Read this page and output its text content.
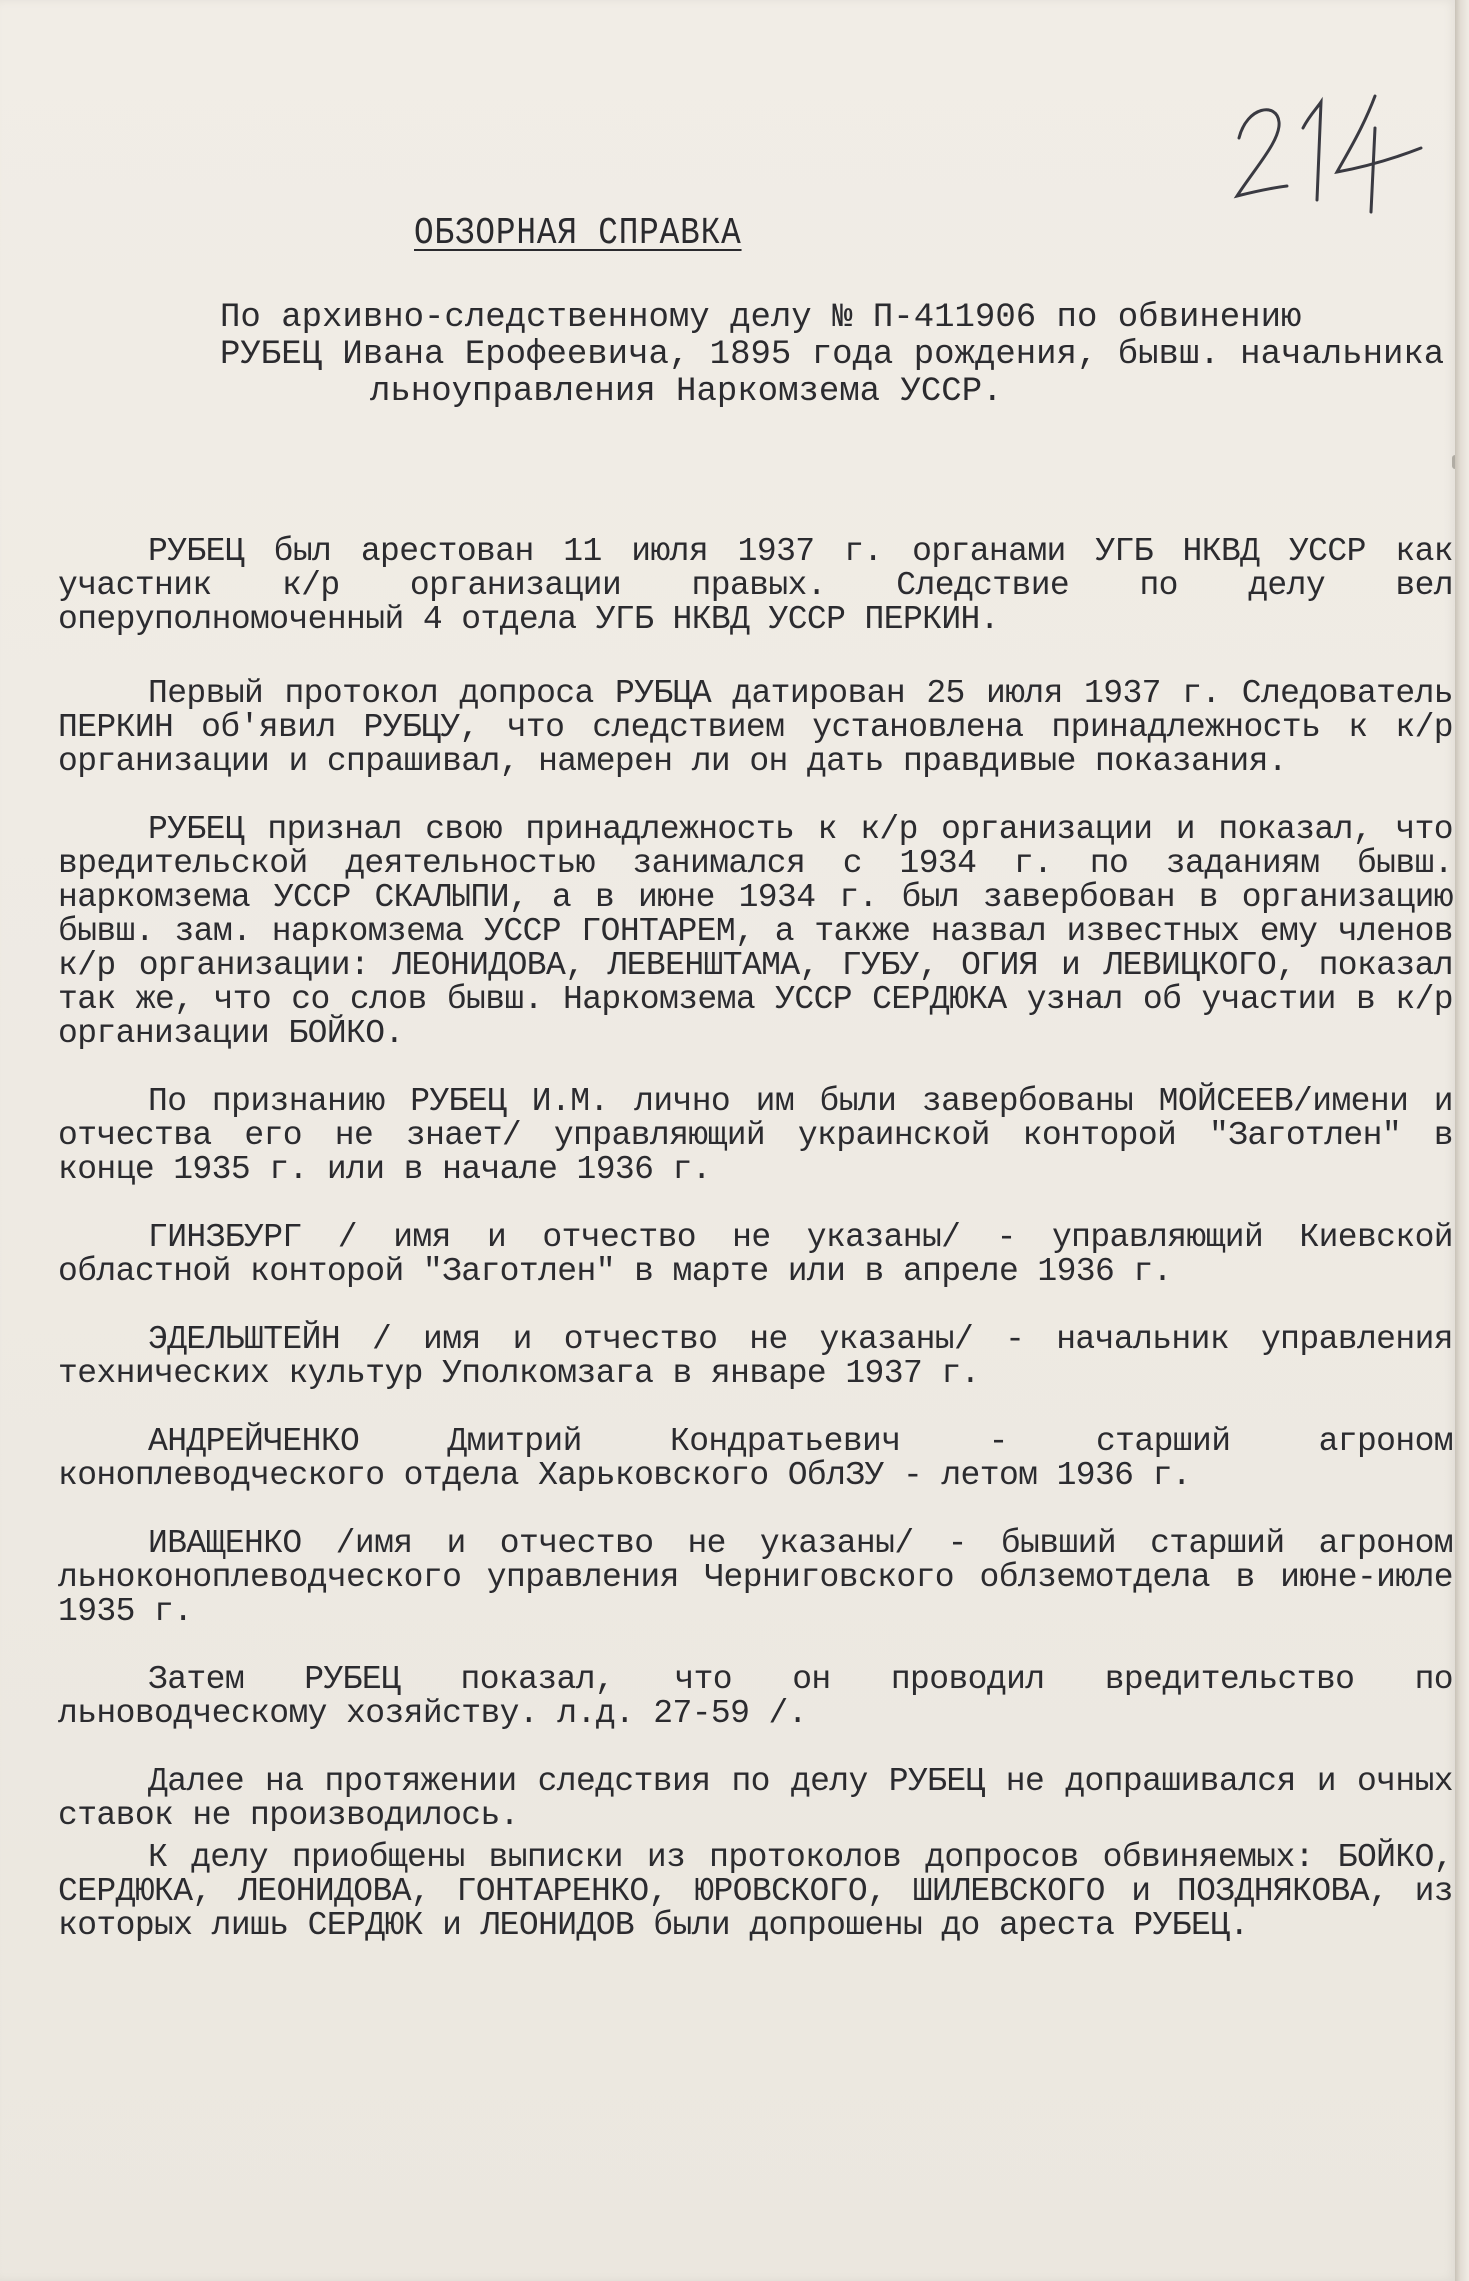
ОБЗОРНАЯ СПРАВКА
По архивно-следственному делу № П-411906 по обвинению
РУБЕЦ Ивана Ерофеевича, 1895 года рождения, бывш. начальника
льноуправления Наркомзема УССР.

РУБЕЦ был арестован 11 июля 1937 г. органами УГБ НКВД УССР как участник к/р организации правых. Следствие по делу вел оперуполномоченный 4 отдела УГБ НКВД УССР ПЕРКИН.

Первый протокол допроса РУБЦА датирован 25 июля 1937 г. Следователь ПЕРКИН об'явил РУБЦУ, что следствием установлена принадлежность к к/р организации и спрашивал, намерен ли он дать правдивые показания.

РУБЕЦ признал свою принадлежность к к/р организации и показал, что вредительской деятельностью занимался с 1934 г. по заданиям бывш. наркомзема УССР СКАЛЫПИ, а в июне 1934 г. был завербован в организацию бывш. зам. наркомзема УССР ГОНТАРЕМ, а также назвал известных ему членов к/р организации: ЛЕОНИДОВА, ЛЕВЕНШТАМА, ГУБУ, ОГИЯ и ЛЕВИЦКОГО, показал так же, что со слов бывш. Наркомзема УССР СЕРДЮКА узнал об участии в к/р организации БОЙКО.

По признанию РУБЕЦ И.М. лично им были завербованы МОЙСЕЕВ/имени и отчества его не знает/ управляющий украинской конторой "Заготлен" в конце 1935 г. или в начале 1936 г.

ГИНЗБУРГ / имя и отчество не указаны/ - управляющий Киевской областной конторой "Заготлен" в марте или в апреле 1936 г.

ЭДЕЛЬШТЕЙН / имя и отчество не указаны/ - начальник управления технических культур Уполкомзага в январе 1937 г.

АНДРЕЙЧЕНКО Дмитрий Кондратьевич - старший агроном коноплеводческого отдела Харьковского ОблЗУ - летом 1936 г.

ИВАЩЕНКО /имя и отчество не указаны/ - бывший старший агроном льноконоплеводческого управления Черниговского облземотдела в июне-июле 1935 г.

Затем РУБЕЦ показал, что он проводил вредительство по льноводческому хозяйству. л.д. 27-59 /.

Далее на протяжении следствия по делу РУБЕЦ не допрашивался и очных ставок не производилось.

К делу приобщены выписки из протоколов допросов обвиняемых: БОЙКО, СЕРДЮКА, ЛЕОНИДОВА, ГОНТАРЕНКО, ЮРОВСКОГО, ШИЛЕВСКОГО и ПОЗДНЯКОВА, из которых лишь СЕРДЮК и ЛЕОНИДОВ были допрошены до ареста РУБЕЦ.
